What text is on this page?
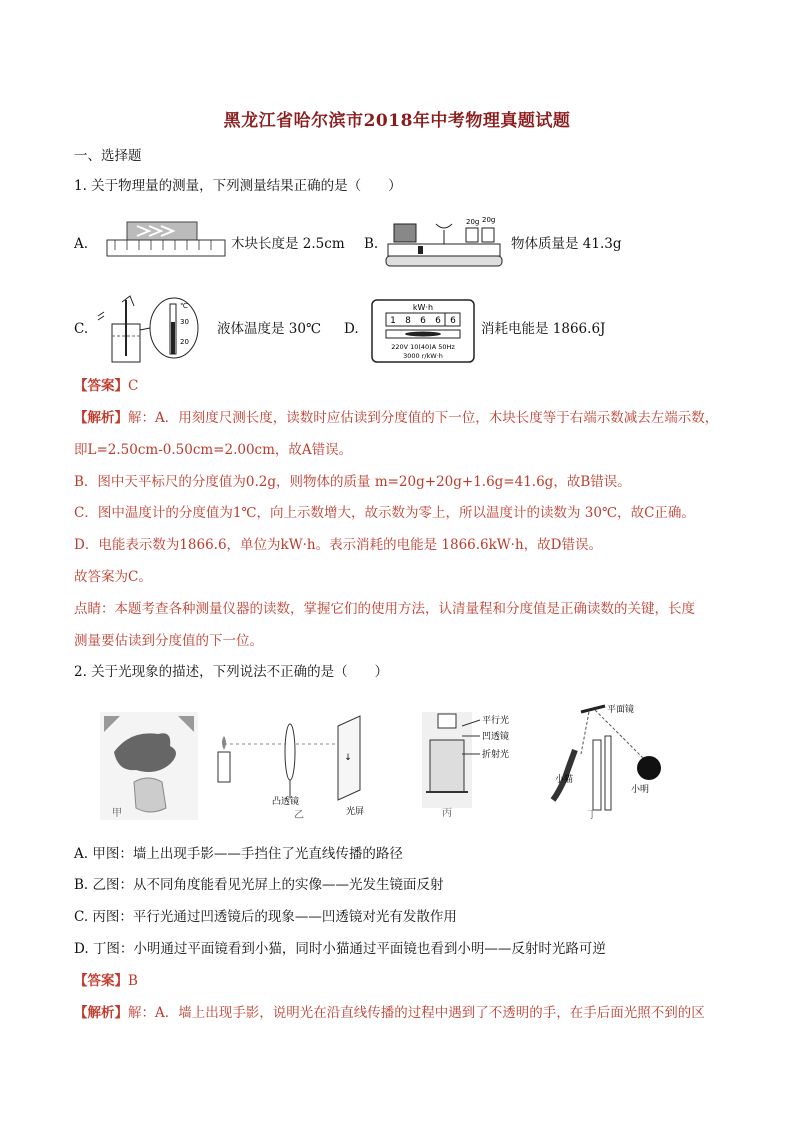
黑龙江省哈尔滨市2018年中考物理真题试题
一、选择题
1. 关于物理量的测量，下列测量结果正确的是（　　）
A.	木块长度是 2.5cm B.
20g 20g
物体质量是 41.3g
C.
℃
30
20
液体温度是 30℃ D.
kW·h
1 8 6 6 6
220V 10(40)A 50Hz
3000 r/kW·h
消耗电能是 1866.6J
【答案】C
【解析】解：A．用刻度尺测长度，读数时应估读到分度值的下一位，木块长度等于右端示数减去左端示数，
即L=2.50cm-0.50cm=2.00cm，故A错误。
B．图中天平标尺的分度值为0.2g，则物体的质量 m=20g+20g+1.6g=41.6g，故B错误。
C．图中温度计的分度值为1℃，向上示数增大，故示数为零上，所以温度计的读数为 30℃，故C正确。
D．电能表示数为1866.6，单位为kW·h。表示消耗的电能是 1866.6kW·h，故D错误。
故答案为C。
点睛：本题考查各种测量仪器的读数，掌握它们的使用方法，认清量程和分度值是正确读数的关键，长度
测量要估读到分度值的下一位。
2. 关于光现象的描述，下列说法不正确的是（　　）
甲
↓
凸透镜
光屏
乙
平行光
凹透镜
折射光
丙
平面镜
小猫
小明
丁
A. 甲图：墙上出现手影——手挡住了光直线传播的路径
B. 乙图：从不同角度能看见光屏上的实像——光发生镜面反射
C. 丙图：平行光通过凹透镜后的现象——凹透镜对光有发散作用
D. 丁图：小明通过平面镜看到小猫，同时小猫通过平面镜也看到小明——反射时光路可逆
【答案】B
【解析】解：A．墙上出现手影，说明光在沿直线传播的过程中遇到了不透明的手，在手后面光照不到的区
